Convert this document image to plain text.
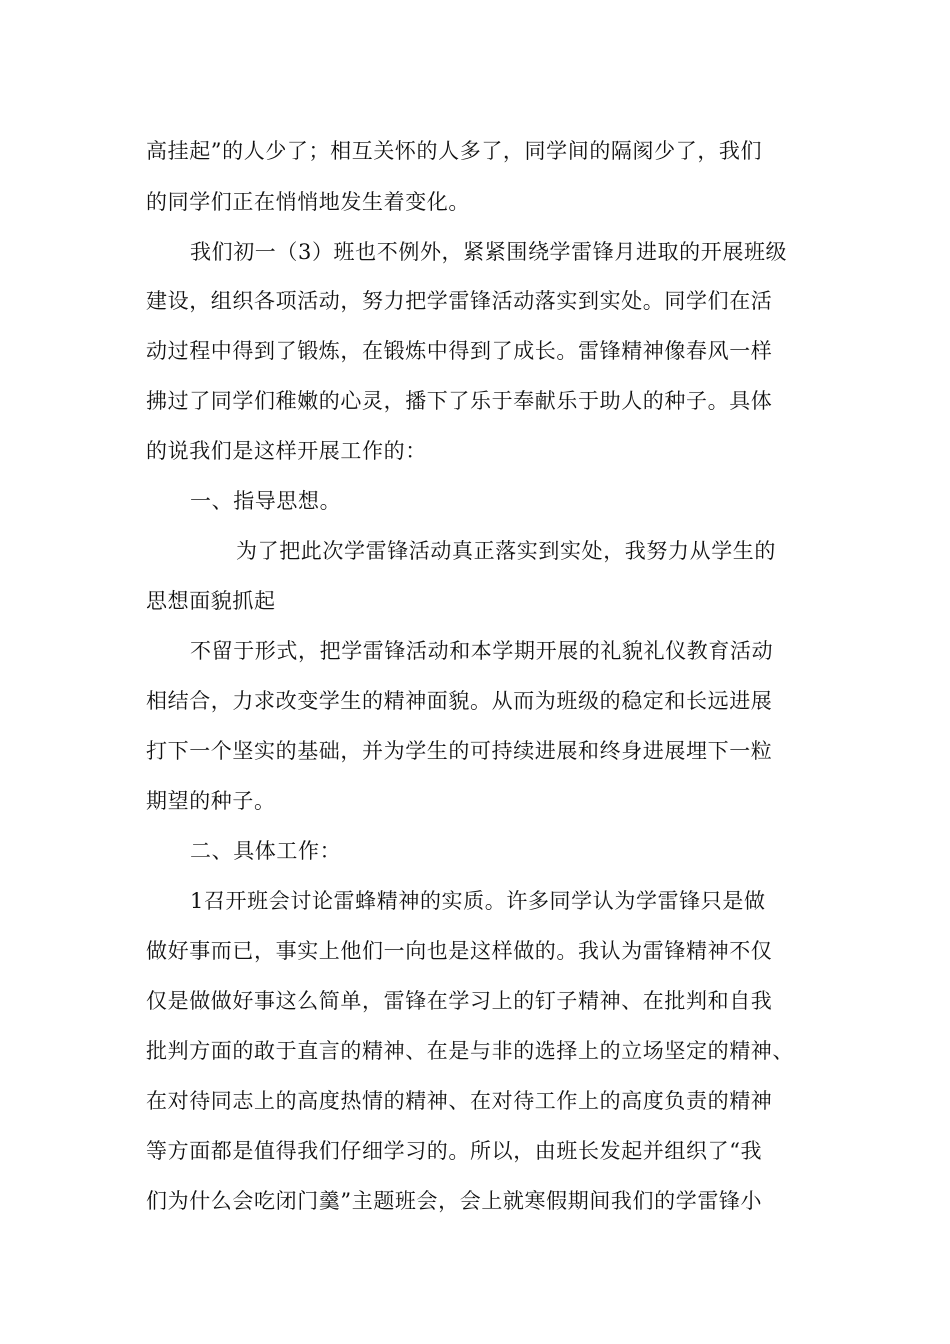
高挂起”的人少了；相互关怀的人多了，同学间的隔阂少了，我们
的同学们正在悄悄地发生着变化。
我们初一（3）班也不例外，紧紧围绕学雷锋月进取的开展班级
建设，组织各项活动，努力把学雷锋活动落实到实处。同学们在活
动过程中得到了锻炼，在锻炼中得到了成长。雷锋精神像春风一样
拂过了同学们稚嫩的心灵，播下了乐于奉献乐于助人的种子。具体
的说我们是这样开展工作的：
一、指导思想。
为了把此次学雷锋活动真正落实到实处，我努力从学生的
思想面貌抓起
不留于形式，把学雷锋活动和本学期开展的礼貌礼仪教育活动
相结合，力求改变学生的精神面貌。从而为班级的稳定和长远进展
打下一个坚实的基础，并为学生的可持续进展和终身进展埋下一粒
期望的种子。
二、具体工作：
1召开班会讨论雷蜂精神的实质。许多同学认为学雷锋只是做
做好事而已，事实上他们一向也是这样做的。我认为雷锋精神不仅
仅是做做好事这么简单，雷锋在学习上的钉子精神、在批判和自我
批判方面的敢于直言的精神、在是与非的选择上的立场坚定的精神、
在对待同志上的高度热情的精神、在对待工作上的高度负责的精神
等方面都是值得我们仔细学习的。所以，由班长发起并组织了“我
们为什么会吃闭门羹”主题班会，会上就寒假期间我们的学雷锋小
